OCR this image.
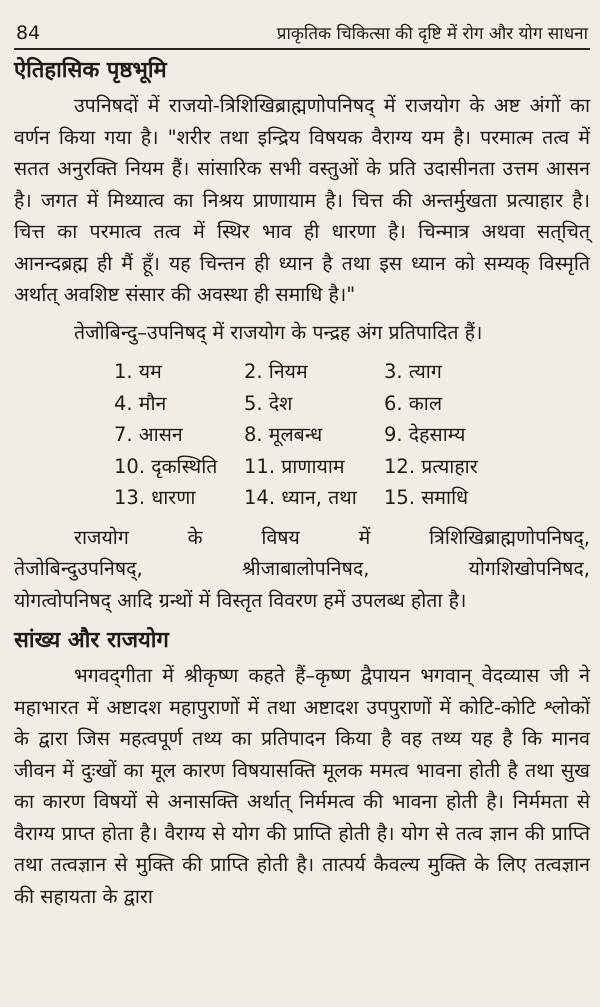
84	प्राकृतिक चिकित्सा की दृष्टि में रोग और योग साधना
ऐतिहासिक पृष्ठभूमि

उपनिषदों में राजयो-त्रिशिखिब्राह्मणोपनिषद् में राजयोग के अष्ट अंगों का वर्णन किया गया है। "शरीर तथा इन्द्रिय विषयक वैराग्य यम है। परमात्म तत्व में सतत अनुरक्ति नियम हैं। सांसारिक सभी वस्तुओं के प्रति उदासीनता उत्तम आसन है। जगत में मिथ्यात्व का निश्रय प्राणायाम है। चित्त की अन्तर्मुखता प्रत्याहार है। चित्त का परमात्व तत्व में स्थिर भाव ही धारणा है। चिन्मात्र अथवा सत्‌चित् आनन्दब्रह्म ही मैं हूँ। यह चिन्तन ही ध्यान है तथा इस ध्यान को सम्यक् विस्मृति अर्थात् अवशिष्ट संसार की अवस्था ही समाधि है।"

तेजोबिन्दु–उपनिषद् में राजयोग के पन्द्रह अंग प्रतिपादित हैं।

1. यम	2. नियम	3. त्याग
4. मौन	5. देश	6. काल
7. आसन	8. मूलबन्ध	9. देहसाम्य
10. दृकस्थिति	11. प्राणायाम	12. प्रत्याहार
13. धारणा	14. ध्यान, तथा	15. समाधि
राजयोग	के	विषय	में	त्रिशिखिब्राह्मणोपनिषद्,
तेजोबिन्दुउपनिषद्,	श्रीजाबालोपनिषद,	योगशिखोपनिषद,

योगत्वोपनिषद् आदि ग्रन्थों में विस्तृत विवरण हमें उपलब्ध होता है।

सांख्य और राजयोग

भगवद्‌गीता में श्रीकृष्ण कहते हैं–कृष्ण द्वैपायन भगवान् वेदव्यास जी ने महाभारत में अष्टादश महापुराणों में तथा अष्टादश उपपुराणों में कोटि-कोटि श्लोकों के द्वारा जिस महत्वपूर्ण तथ्य का प्रतिपादन किया है वह तथ्य यह है कि मानव जीवन में दुःखों का मूल कारण विषयासक्ति मूलक ममत्व भावना होती है तथा सुख का कारण विषयों से अनासक्ति अर्थात् निर्ममत्व की भावना होती है। निर्ममता से वैराग्य प्राप्त होता है। वैराग्य से योग की प्राप्ति होती है। योग से तत्व ज्ञान की प्राप्ति तथा तत्वज्ञान से मुक्ति की प्राप्ति होती है। तात्पर्य कैवल्य मुक्ति के लिए तत्वज्ञान की सहायता के द्वारा
